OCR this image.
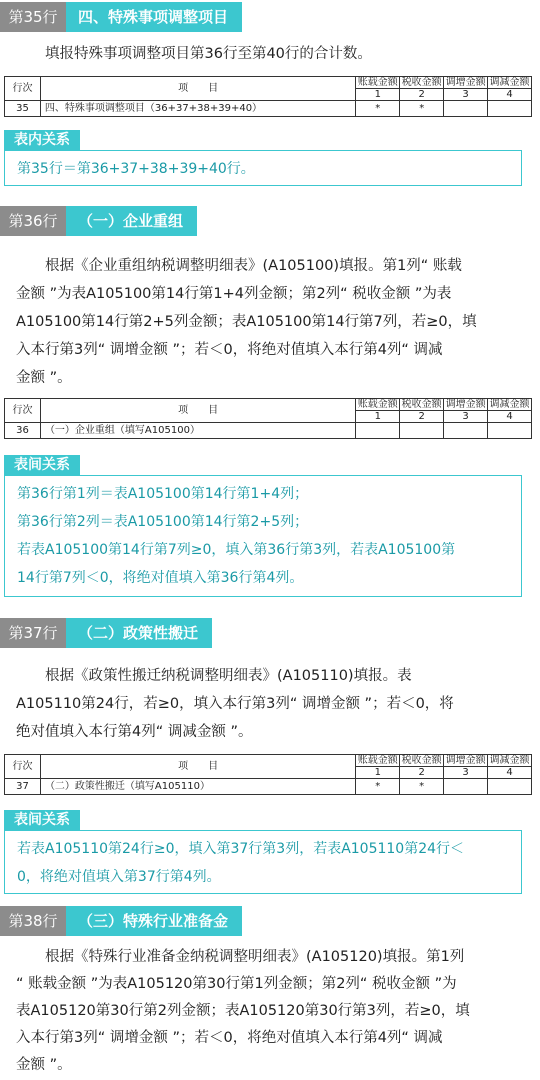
第35行	四、特殊事项调整项目
填报特殊事项调整项目第36行至第40行的合计数。
行次	项　　目	账载金额	税收金额	调增金额	调减金额
		1	2	3	4
35	四、特殊事项调整项目（36+37+38+39+40）	*	*		
表内关系
第35行＝第36+37+38+39+40行。
第36行	（一）企业重组
根据《企业重组纳税调整明细表》(A105100)填报。第1列“ 账载
金额 ”为表A105100第14行第1+4列金额；第2列“ 税收金额 ”为表
A105100第14行第2+5列金额；表A105100第14行第7列，若≥0，填
入本行第3列“ 调增金额 ”；若＜0，将绝对值填入本行第4列“ 调减
金额 ”。
行次	项　　目	账载金额	税收金额	调增金额	调减金额
		1	2	3	4
36	（一）企业重组（填写A105100）				
表间关系
第36行第1列＝表A105100第14行第1+4列；
第36行第2列＝表A105100第14行第2+5列；
若表A105100第14行第7列≥0，填入第36行第3列，若表A105100第
14行第7列＜0，将绝对值填入第36行第4列。
第37行	（二）政策性搬迁
根据《政策性搬迁纳税调整明细表》(A105110)填报。表
A105110第24行，若≥0，填入本行第3列“ 调增金额 ”；若＜0，将
绝对值填入本行第4列“ 调减金额 ”。
行次	项　　目	账载金额	税收金额	调增金额	调减金额
		1	2	3	4
37	（二）政策性搬迁（填写A105110）	*	*		
表间关系
若表A105110第24行≥0，填入第37行第3列，若表A105110第24行＜
0，将绝对值填入第37行第4列。
第38行	（三）特殊行业准备金
根据《特殊行业准备金纳税调整明细表》(A105120)填报。第1列
“ 账载金额 ”为表A105120第30行第1列金额；第2列“ 税收金额 ”为
表A105120第30行第2列金额；表A105120第30行第3列，若≥0，填
入本行第3列“ 调增金额 ”；若＜0，将绝对值填入本行第4列“ 调减
金额 ”。
